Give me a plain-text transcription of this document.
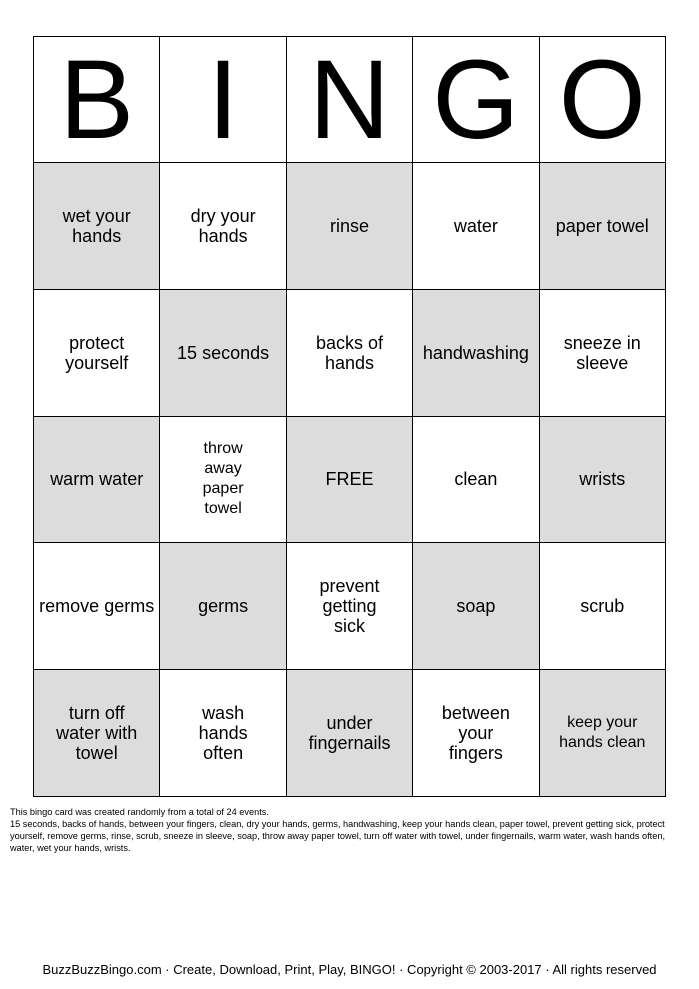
B	I	N	G	O
wet your hands	dry your hands	rinse	water	paper towel
protect yourself	15 seconds	backs of hands	handwashing	sneeze in sleeve
warm water	throw away paper towel	FREE	clean	wrists
remove germs	germs	prevent getting sick	soap	scrub
turn off water with towel	wash hands often	under fingernails	between your fingers	keep your hands clean

This bingo card was created randomly from a total of 24 events.

15 seconds, backs of hands, between your fingers, clean, dry your hands, germs, handwashing, keep your hands clean, paper towel, prevent getting sick, protect yourself, remove germs, rinse, scrub, sneeze in sleeve, soap, throw away paper towel, turn off water with towel, under fingernails, warm water, wash hands often, water, wet your hands, wrists.

BuzzBuzzBingo.com · Create, Download, Print, Play, BINGO! · Copyright © 2003-2017 · All rights reserved
